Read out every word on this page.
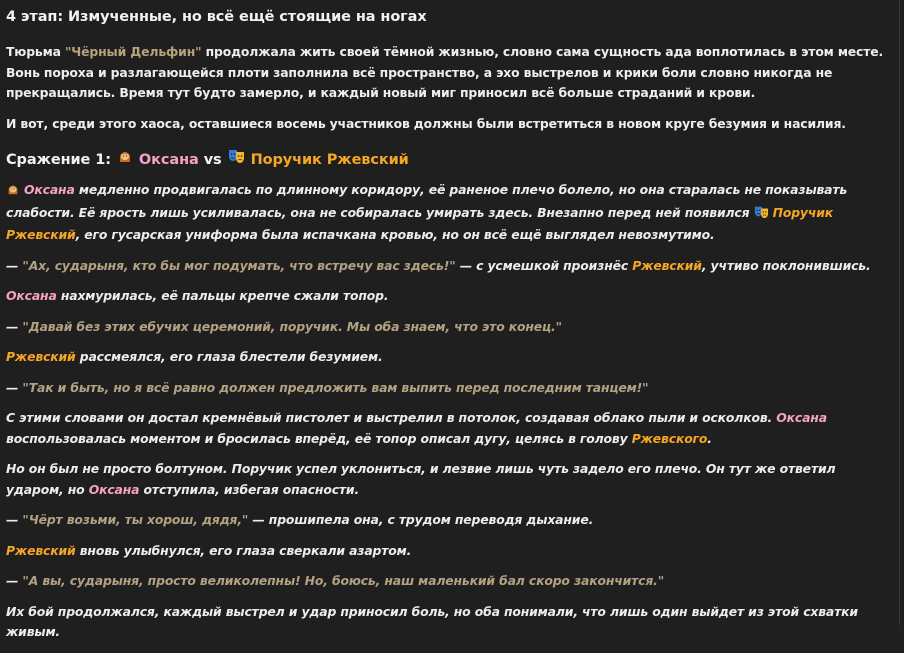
4 этап: Измученные, но всё ещё стоящие на ногах

Тюрьма "Чёрный Дельфин" продолжала жить своей тёмной жизнью, словно сама сущность ада воплотилась в этом месте. Вонь пороха и разлагающейся плоти заполнила всё пространство, а эхо выстрелов и крики боли словно никогда не прекращались. Время тут будто замерло, и каждый новый миг приносил всё больше страданий и крови.

И вот, среди этого хаоса, оставшиеся восемь участников должны были встретиться в новом круге безумия и насилия.

Сражение 1: Оксана vs Поручик Ржевский

Оксана медленно продвигалась по длинному коридору, её раненое плечо болело, но она старалась не показывать слабости. Её ярость лишь усиливалась, она не собиралась умирать здесь. Внезапно перед ней появился Поручик Ржевский, его гусарская униформа была испачкана кровью, но он всё ещё выглядел невозмутимо.

— "Ах, сударыня, кто бы мог подумать, что встречу вас здесь!" — с усмешкой произнёс Ржевский, учтиво поклонившись.

Оксана нахмурилась, её пальцы крепче сжали топор.

— "Давай без этих ебучих церемоний, поручик. Мы оба знаем, что это конец."

Ржевский рассмеялся, его глаза блестели безумием.

— "Так и быть, но я всё равно должен предложить вам выпить перед последним танцем!"

С этими словами он достал кремнёвый пистолет и выстрелил в потолок, создавая облако пыли и осколков. Оксана воспользовалась моментом и бросилась вперёд, её топор описал дугу, целясь в голову Ржевского.

Но он был не просто болтуном. Поручик успел уклониться, и лезвие лишь чуть задело его плечо. Он тут же ответил ударом, но Оксана отступила, избегая опасности.

— "Чёрт возьми, ты хорош, дядя," — прошипела она, с трудом переводя дыхание.

Ржевский вновь улыбнулся, его глаза сверкали азартом.

— "А вы, сударыня, просто великолепны! Но, боюсь, наш маленький бал скоро закончится."

Их бой продолжался, каждый выстрел и удар приносил боль, но оба понимали, что лишь один выйдет из этой схватки живым.
